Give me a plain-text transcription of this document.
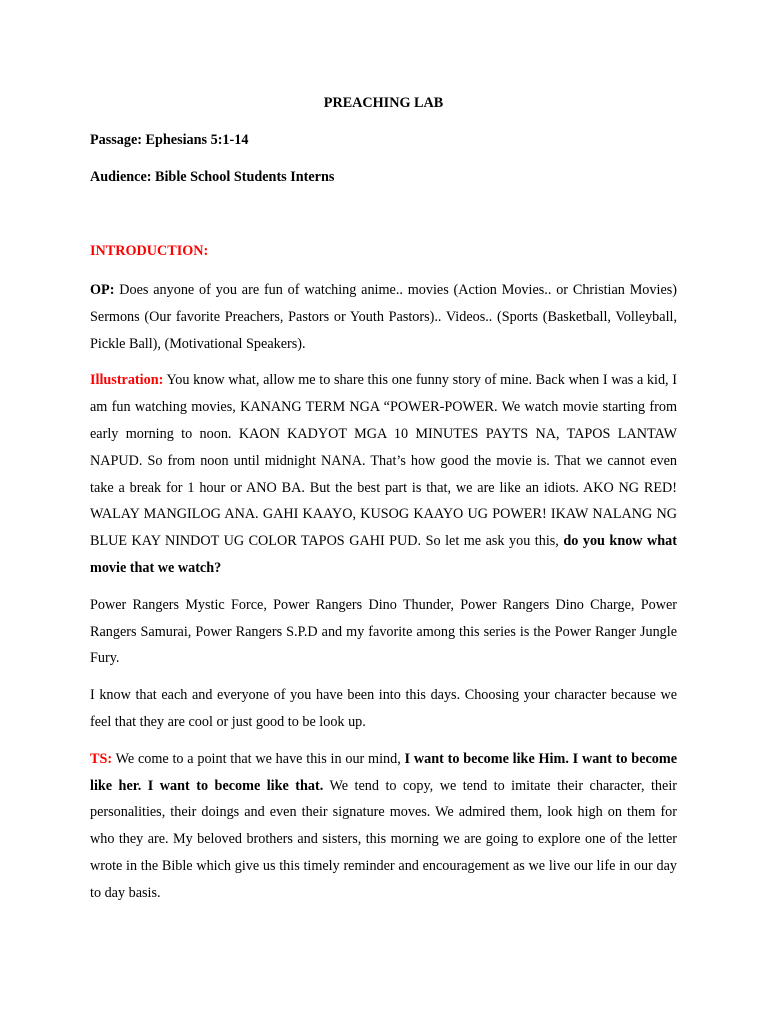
PREACHING LAB
Passage: Ephesians 5:1-14
Audience: Bible School Students Interns
INTRODUCTION:

OP: Does anyone of you are fun of watching anime.. movies (Action Movies.. or Christian Movies) Sermons (Our favorite Preachers, Pastors or Youth Pastors).. Videos.. (Sports (Basketball, Volleyball, Pickle Ball), (Motivational Speakers).

Illustration: You know what, allow me to share this one funny story of mine. Back when I was a kid, I am fun watching movies, KANANG TERM NGA “POWER-POWER. We watch movie starting from early morning to noon. KAON KADYOT MGA 10 MINUTES PAYTS NA, TAPOS LANTAW NAPUD. So from noon until midnight NANA. That’s how good the movie is. That we cannot even take a break for 1 hour or ANO BA. But the best part is that, we are like an idiots. AKO NG RED! WALAY MANGILOG ANA. GAHI KAAYO, KUSOG KAAYO UG POWER! IKAW NALANG NG BLUE KAY NINDOT UG COLOR TAPOS GAHI PUD. So let me ask you this, do you know what movie that we watch?

Power Rangers Mystic Force, Power Rangers Dino Thunder, Power Rangers Dino Charge, Power Rangers Samurai, Power Rangers S.P.D and my favorite among this series is the Power Ranger Jungle Fury.

I know that each and everyone of you have been into this days. Choosing your character because we feel that they are cool or just good to be look up.

TS: We come to a point that we have this in our mind, I want to become like Him. I want to become like her. I want to become like that. We tend to copy, we tend to imitate their character, their personalities, their doings and even their signature moves. We admired them, look high on them for who they are. My beloved brothers and sisters, this morning we are going to explore one of the letter wrote in the Bible which give us this timely reminder and encouragement as we live our life in our day to day basis.
